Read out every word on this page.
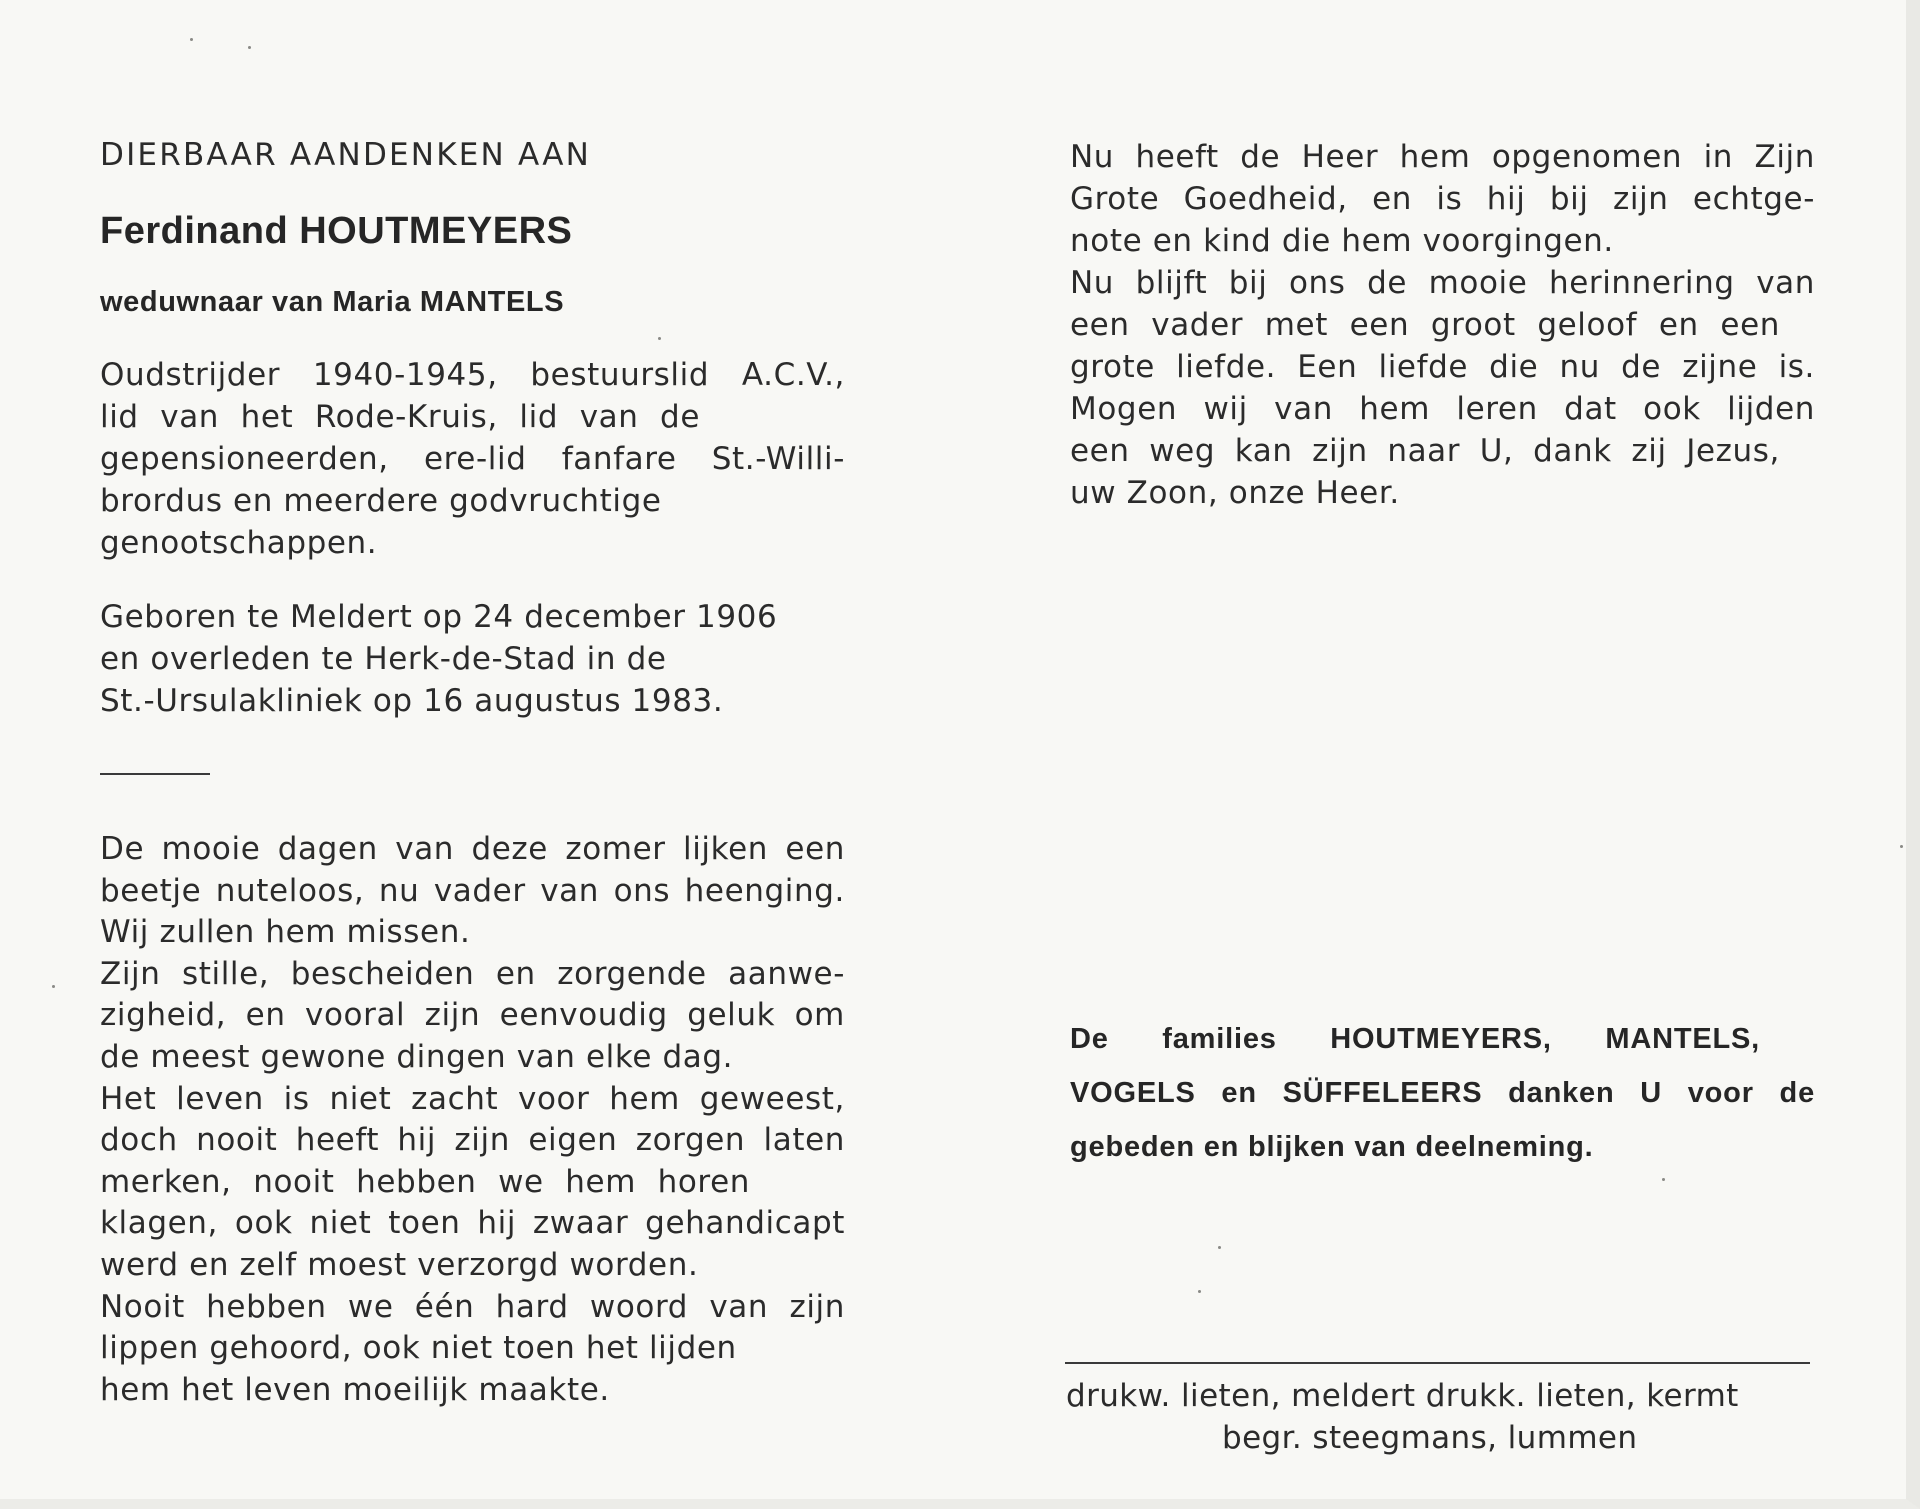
DIERBAAR AANDENKEN AAN
Ferdinand HOUTMEYERS
weduwnaar van Maria MANTELS
Oudstrijder 1940-1945, bestuurslid A.C.V.,
lid van het Rode-Kruis, lid van de
gepensioneerden, ere-lid fanfare St.-Willi-
brordus en meerdere godvruchtige
genootschappen.
Geboren te Meldert op 24 december 1906
en overleden te Herk-de-Stad in de
St.-Ursulakliniek op 16 augustus 1983.
De mooie dagen van deze zomer lijken een
beetje nuteloos, nu vader van ons heenging.
Wij zullen hem missen.
Zijn stille, bescheiden en zorgende aanwe-
zigheid, en vooral zijn eenvoudig geluk om
de meest gewone dingen van elke dag.
Het leven is niet zacht voor hem geweest,
doch nooit heeft hij zijn eigen zorgen laten
merken, nooit hebben we hem horen
klagen, ook niet toen hij zwaar gehandicapt
werd en zelf moest verzorgd worden.
Nooit hebben we één hard woord van zijn
lippen gehoord, ook niet toen het lijden
hem het leven moeilijk maakte.
Nu heeft de Heer hem opgenomen in Zijn
Grote Goedheid, en is hij bij zijn echtge-
note en kind die hem voorgingen.
Nu blijft bij ons de mooie herinnering van
een vader met een groot geloof en een
grote liefde. Een liefde die nu de zijne is.
Mogen wij van hem leren dat ook lijden
een weg kan zijn naar U, dank zij Jezus,
uw Zoon, onze Heer.
De families HOUTMEYERS, MANTELS,
VOGELS en SÜFFELEERS danken U voor de
gebeden en blijken van deelneming.
drukw. lieten, meldert drukk. lieten, kermt
begr. steegmans, lummen
